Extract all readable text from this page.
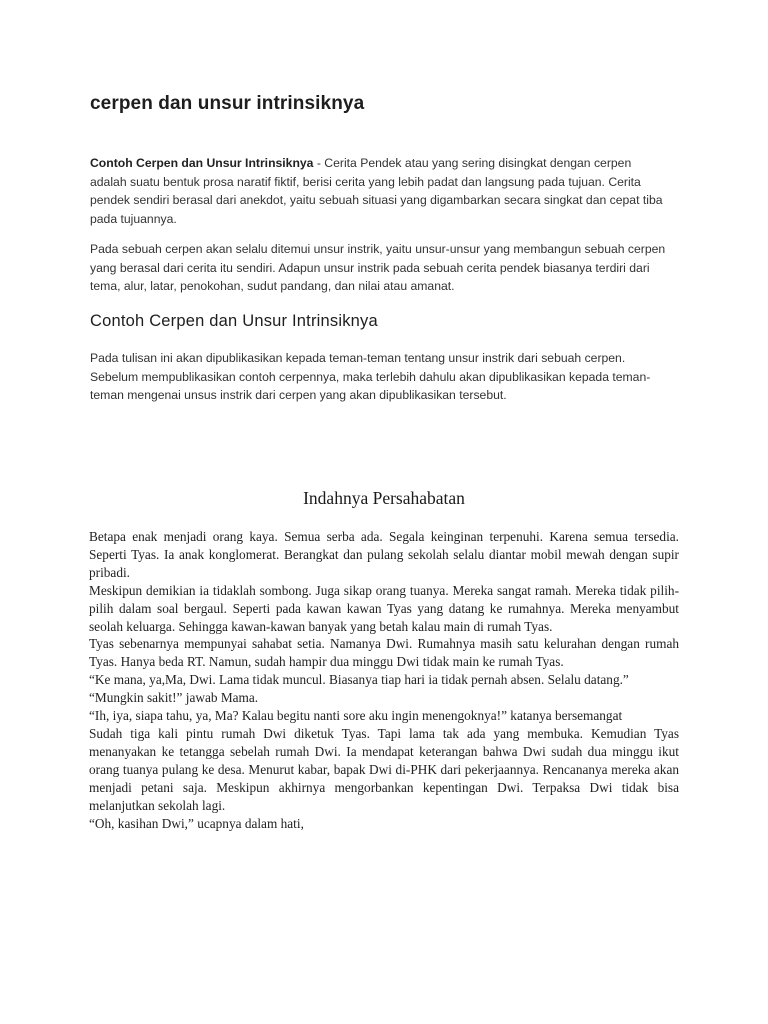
cerpen dan unsur intrinsiknya

Contoh Cerpen dan Unsur Intrinsiknya - Cerita Pendek atau yang sering disingkat dengan cerpen adalah suatu bentuk prosa naratif fiktif, berisi cerita yang lebih padat dan langsung pada tujuan. Cerita pendek sendiri berasal dari anekdot, yaitu sebuah situasi yang digambarkan secara singkat dan cepat tiba pada tujuannya.

Pada sebuah cerpen akan selalu ditemui unsur instrik, yaitu unsur-unsur yang membangun sebuah cerpen yang berasal dari cerita itu sendiri. Adapun unsur instrik pada sebuah cerita pendek biasanya terdiri dari tema, alur, latar, penokohan, sudut pandang, dan nilai atau amanat.

Contoh Cerpen dan Unsur Intrinsiknya

Pada tulisan ini akan dipublikasikan kepada teman-teman tentang unsur instrik dari sebuah cerpen. Sebelum mempublikasikan contoh cerpennya, maka terlebih dahulu akan dipublikasikan kepada teman-teman mengenai unsus instrik dari cerpen yang akan dipublikasikan tersebut.

Indahnya Persahabatan

Betapa enak menjadi orang kaya. Semua serba ada. Segala keinginan terpenuhi. Karena semua tersedia. Seperti Tyas. Ia anak konglomerat. Berangkat dan pulang sekolah selalu diantar mobil mewah dengan supir pribadi.

Meskipun demikian ia tidaklah sombong. Juga sikap orang tuanya. Mereka sangat ramah. Mereka tidak pilih-pilih dalam soal bergaul. Seperti pada kawan kawan Tyas yang datang ke rumahnya. Mereka menyambut seolah keluarga. Sehingga kawan-kawan banyak yang betah kalau main di rumah Tyas.

Tyas sebenarnya mempunyai sahabat setia. Namanya Dwi. Rumahnya masih satu kelurahan dengan rumah Tyas. Hanya beda RT. Namun, sudah hampir dua minggu Dwi tidak main ke rumah Tyas.

“Ke mana, ya,Ma, Dwi. Lama tidak muncul. Biasanya tiap hari ia tidak pernah absen. Selalu datang.”

“Mungkin sakit!” jawab Mama.

“Ih, iya, siapa tahu, ya, Ma? Kalau begitu nanti sore aku ingin menengoknya!” katanya bersemangat

Sudah tiga kali pintu rumah Dwi diketuk Tyas. Tapi lama tak ada yang membuka. Kemudian Tyas menanyakan ke tetangga sebelah rumah Dwi. Ia mendapat keterangan bahwa Dwi sudah dua minggu ikut orang tuanya pulang ke desa. Menurut kabar, bapak Dwi di-PHK dari pekerjaannya. Rencananya mereka akan menjadi petani saja. Meskipun akhirnya mengorbankan kepentingan Dwi. Terpaksa Dwi tidak bisa melanjutkan sekolah lagi.

“Oh, kasihan Dwi,” ucapnya dalam hati,
